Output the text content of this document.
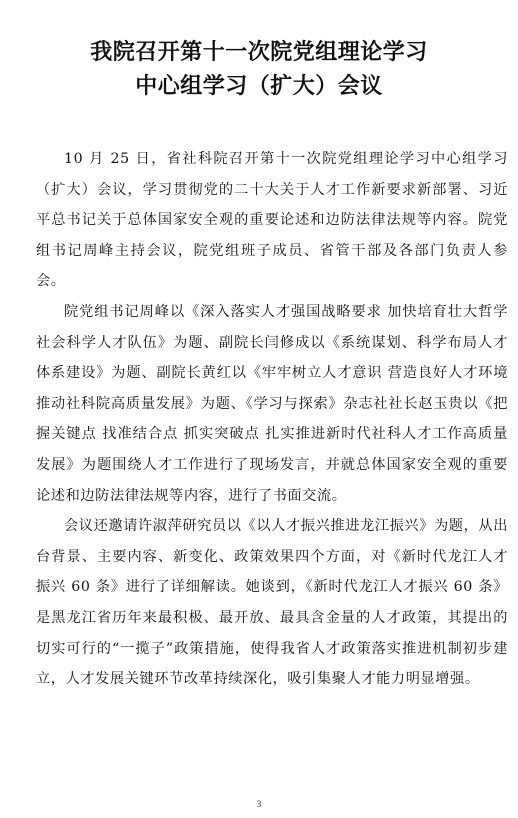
我院召开第十一次院党组理论学习
中心组学习（扩大）会议

10 月 25 日，省社科院召开第十一次院党组理论学习中心组学习（扩大）会议，学习贯彻党的二十大关于人才工作新要求新部署、习近平总书记关于总体国家安全观的重要论述和边防法律法规等内容。院党组书记周峰主持会议，院党组班子成员、省管干部及各部门负责人参会。

院党组书记周峰以《深入落实人才强国战略要求 加快培育壮大哲学社会科学人才队伍》为题、副院长闫修成以《系统谋划、科学布局人才体系建设》为题、副院长黄红以《牢牢树立人才意识 营造良好人才环境 推动社科院高质量发展》为题、《学习与探索》杂志社社长赵玉贵以《把握关键点 找准结合点 抓实突破点 扎实推进新时代社科人才工作高质量发展》为题围绕人才工作进行了现场发言，并就总体国家安全观的重要论述和边防法律法规等内容，进行了书面交流。

会议还邀请许淑萍研究员以《以人才振兴推进龙江振兴》为题，从出台背景、主要内容、新变化、政策效果四个方面，对《新时代龙江人才振兴 60 条》进行了详细解读。她谈到，《新时代龙江人才振兴 60 条》是黑龙江省历年来最积极、最开放、最具含金量的人才政策，其提出的切实可行的“一揽子”政策措施，使得我省人才政策落实推进机制初步建立，人才发展关键环节改革持续深化，吸引集聚人才能力明显增强。

3
